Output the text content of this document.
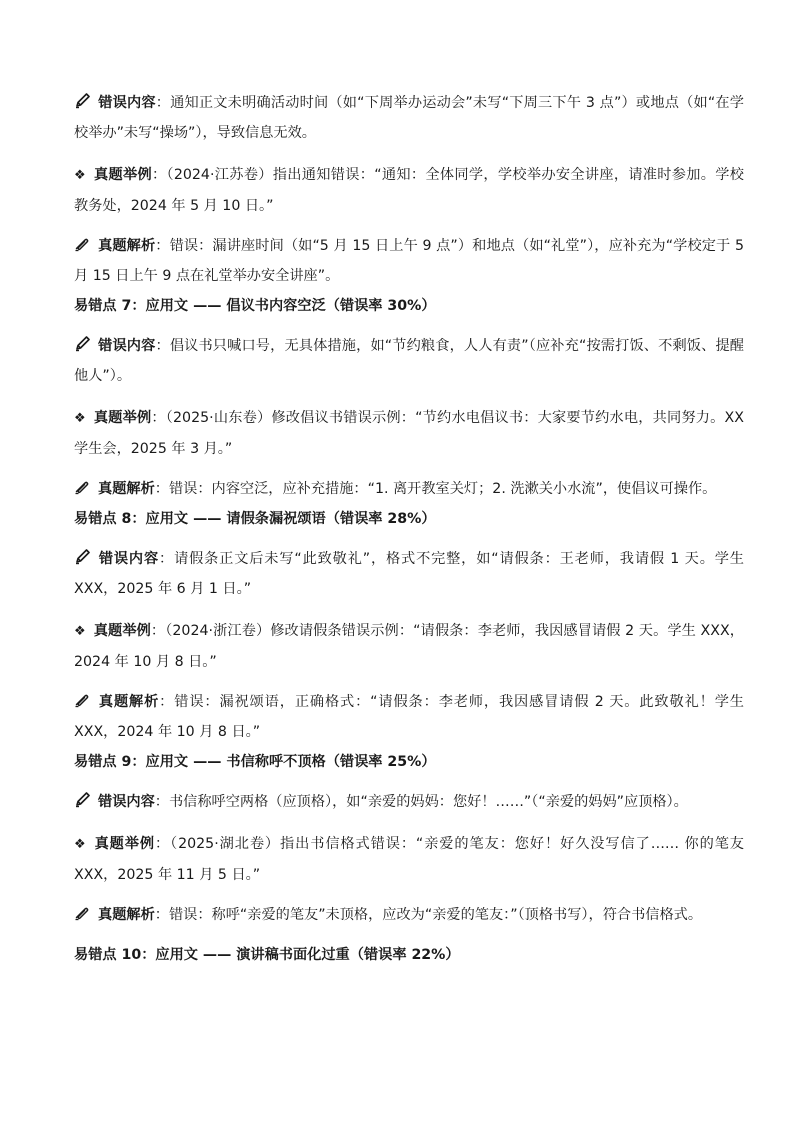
错误内容：通知正文未明确活动时间（如“下周举办运动会”未写“下周三下午 3 点”）或地点（如“在学校举办”未写“操场”），导致信息无效。

❖ 真题举例：（2024·江苏卷）指出通知错误：“通知：全体同学，学校举办安全讲座，请准时参加。学校教务处，2024 年 5 月 10 日。”

真题解析：错误：漏讲座时间（如“5 月 15 日上午 9 点”）和地点（如“礼堂”），应补充为“学校定于 5 月 15 日上午 9 点在礼堂举办安全讲座”。

易错点 7：应用文 —— 倡议书内容空泛（错误率 30%）

错误内容：倡议书只喊口号，无具体措施，如“节约粮食，人人有责”（应补充“按需打饭、不剩饭、提醒他人”）。

❖ 真题举例：（2025·山东卷）修改倡议书错误示例：“节约水电倡议书：大家要节约水电，共同努力。XX 学生会，2025 年 3 月。”

真题解析：错误：内容空泛，应补充措施：“1. 离开教室关灯；2. 洗漱关小水流”，使倡议可操作。

易错点 8：应用文 —— 请假条漏祝颂语（错误率 28%）

错误内容：请假条正文后未写“此致敬礼”，格式不完整，如“请假条：王老师，我请假 1 天。学生 XXX，2025 年 6 月 1 日。”

❖ 真题举例：（2024·浙江卷）修改请假条错误示例：“请假条：李老师，我因感冒请假 2 天。学生 XXX，2024 年 10 月 8 日。”

真题解析：错误：漏祝颂语，正确格式：“请假条：李老师，我因感冒请假 2 天。此致敬礼！学生 XXX，2024 年 10 月 8 日。”

易错点 9：应用文 —— 书信称呼不顶格（错误率 25%）

错误内容：书信称呼空两格（应顶格），如“亲爱的妈妈：您好！……”（“亲爱的妈妈”应顶格）。

❖ 真题举例：（2025·湖北卷）指出书信格式错误：“亲爱的笔友：您好！好久没写信了…… 你的笔友 XXX，2025 年 11 月 5 日。”

真题解析：错误：称呼“亲爱的笔友”未顶格，应改为“亲爱的笔友：”（顶格书写），符合书信格式。

易错点 10：应用文 —— 演讲稿书面化过重（错误率 22%）
